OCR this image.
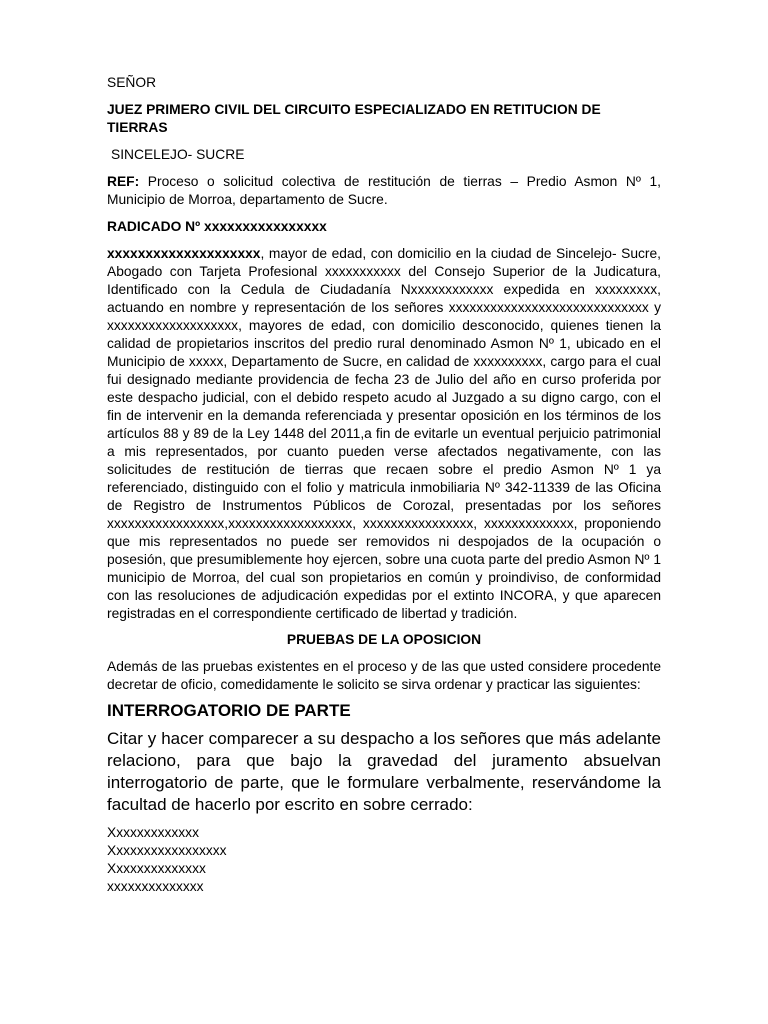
SEÑOR

JUEZ PRIMERO CIVIL DEL CIRCUITO ESPECIALIZADO EN RETITUCION DE TIERRAS

SINCELEJO- SUCRE

REF: Proceso o solicitud colectiva de restitución de tierras – Predio Asmon Nº 1, Municipio de Morroa, departamento de Sucre.

RADICADO Nº xxxxxxxxxxxxxxxx

xxxxxxxxxxxxxxxxxxxx, mayor de edad, con domicilio en la ciudad de Sincelejo- Sucre, Abogado con Tarjeta Profesional xxxxxxxxxxx del Consejo Superior de la Judicatura, Identificado con la Cedula de Ciudadanía Nxxxxxxxxxxxx expedida en xxxxxxxxx, actuando en nombre y representación de los señores xxxxxxxxxxxxxxxxxxxxxxxxxxxxx y xxxxxxxxxxxxxxxxxxx, mayores de edad, con domicilio desconocido, quienes tienen la calidad de propietarios inscritos del predio rural denominado Asmon Nº 1, ubicado en el Municipio de xxxxx, Departamento de Sucre, en calidad de xxxxxxxxxx, cargo para el cual fui designado mediante providencia de fecha 23 de Julio del año en curso proferida por este despacho judicial, con el debido respeto acudo al Juzgado a su digno cargo, con el fin de intervenir en la demanda referenciada y presentar oposición en los términos de los artículos 88 y 89 de la Ley 1448 del 2011,a fin de evitarle un eventual perjuicio patrimonial a mis representados, por cuanto pueden verse afectados negativamente, con las solicitudes de restitución de tierras que recaen sobre el predio Asmon Nº 1 ya referenciado, distinguido con el folio y matricula inmobiliaria Nº 342-11339 de las Oficina de Registro de Instrumentos Públicos de Corozal, presentadas por los señores xxxxxxxxxxxxxxxxx,xxxxxxxxxxxxxxxxxx, xxxxxxxxxxxxxxxx, xxxxxxxxxxxxx, proponiendo que mis representados no puede ser removidos ni despojados de la ocupación o posesión, que presumiblemente hoy ejercen, sobre una cuota parte del predio Asmon Nº 1 municipio de Morroa, del cual son propietarios en común y proindiviso, de conformidad con las resoluciones de adjudicación expedidas por el extinto INCORA, y que aparecen registradas en el correspondiente certificado de libertad y tradición.

PRUEBAS DE LA OPOSICION

Además de las pruebas existentes en el proceso y de las que usted considere procedente decretar de oficio, comedidamente le solicito se sirva ordenar y practicar las siguientes:

INTERROGATORIO DE PARTE

Citar y hacer comparecer a su despacho a los señores que más adelante relaciono, para que bajo la gravedad del juramento absuelvan interrogatorio de parte, que le formulare verbalmente, reservándome la facultad de hacerlo por escrito en sobre cerrado:

Xxxxxxxxxxxxx
Xxxxxxxxxxxxxxxxx
Xxxxxxxxxxxxxx
xxxxxxxxxxxxxx
